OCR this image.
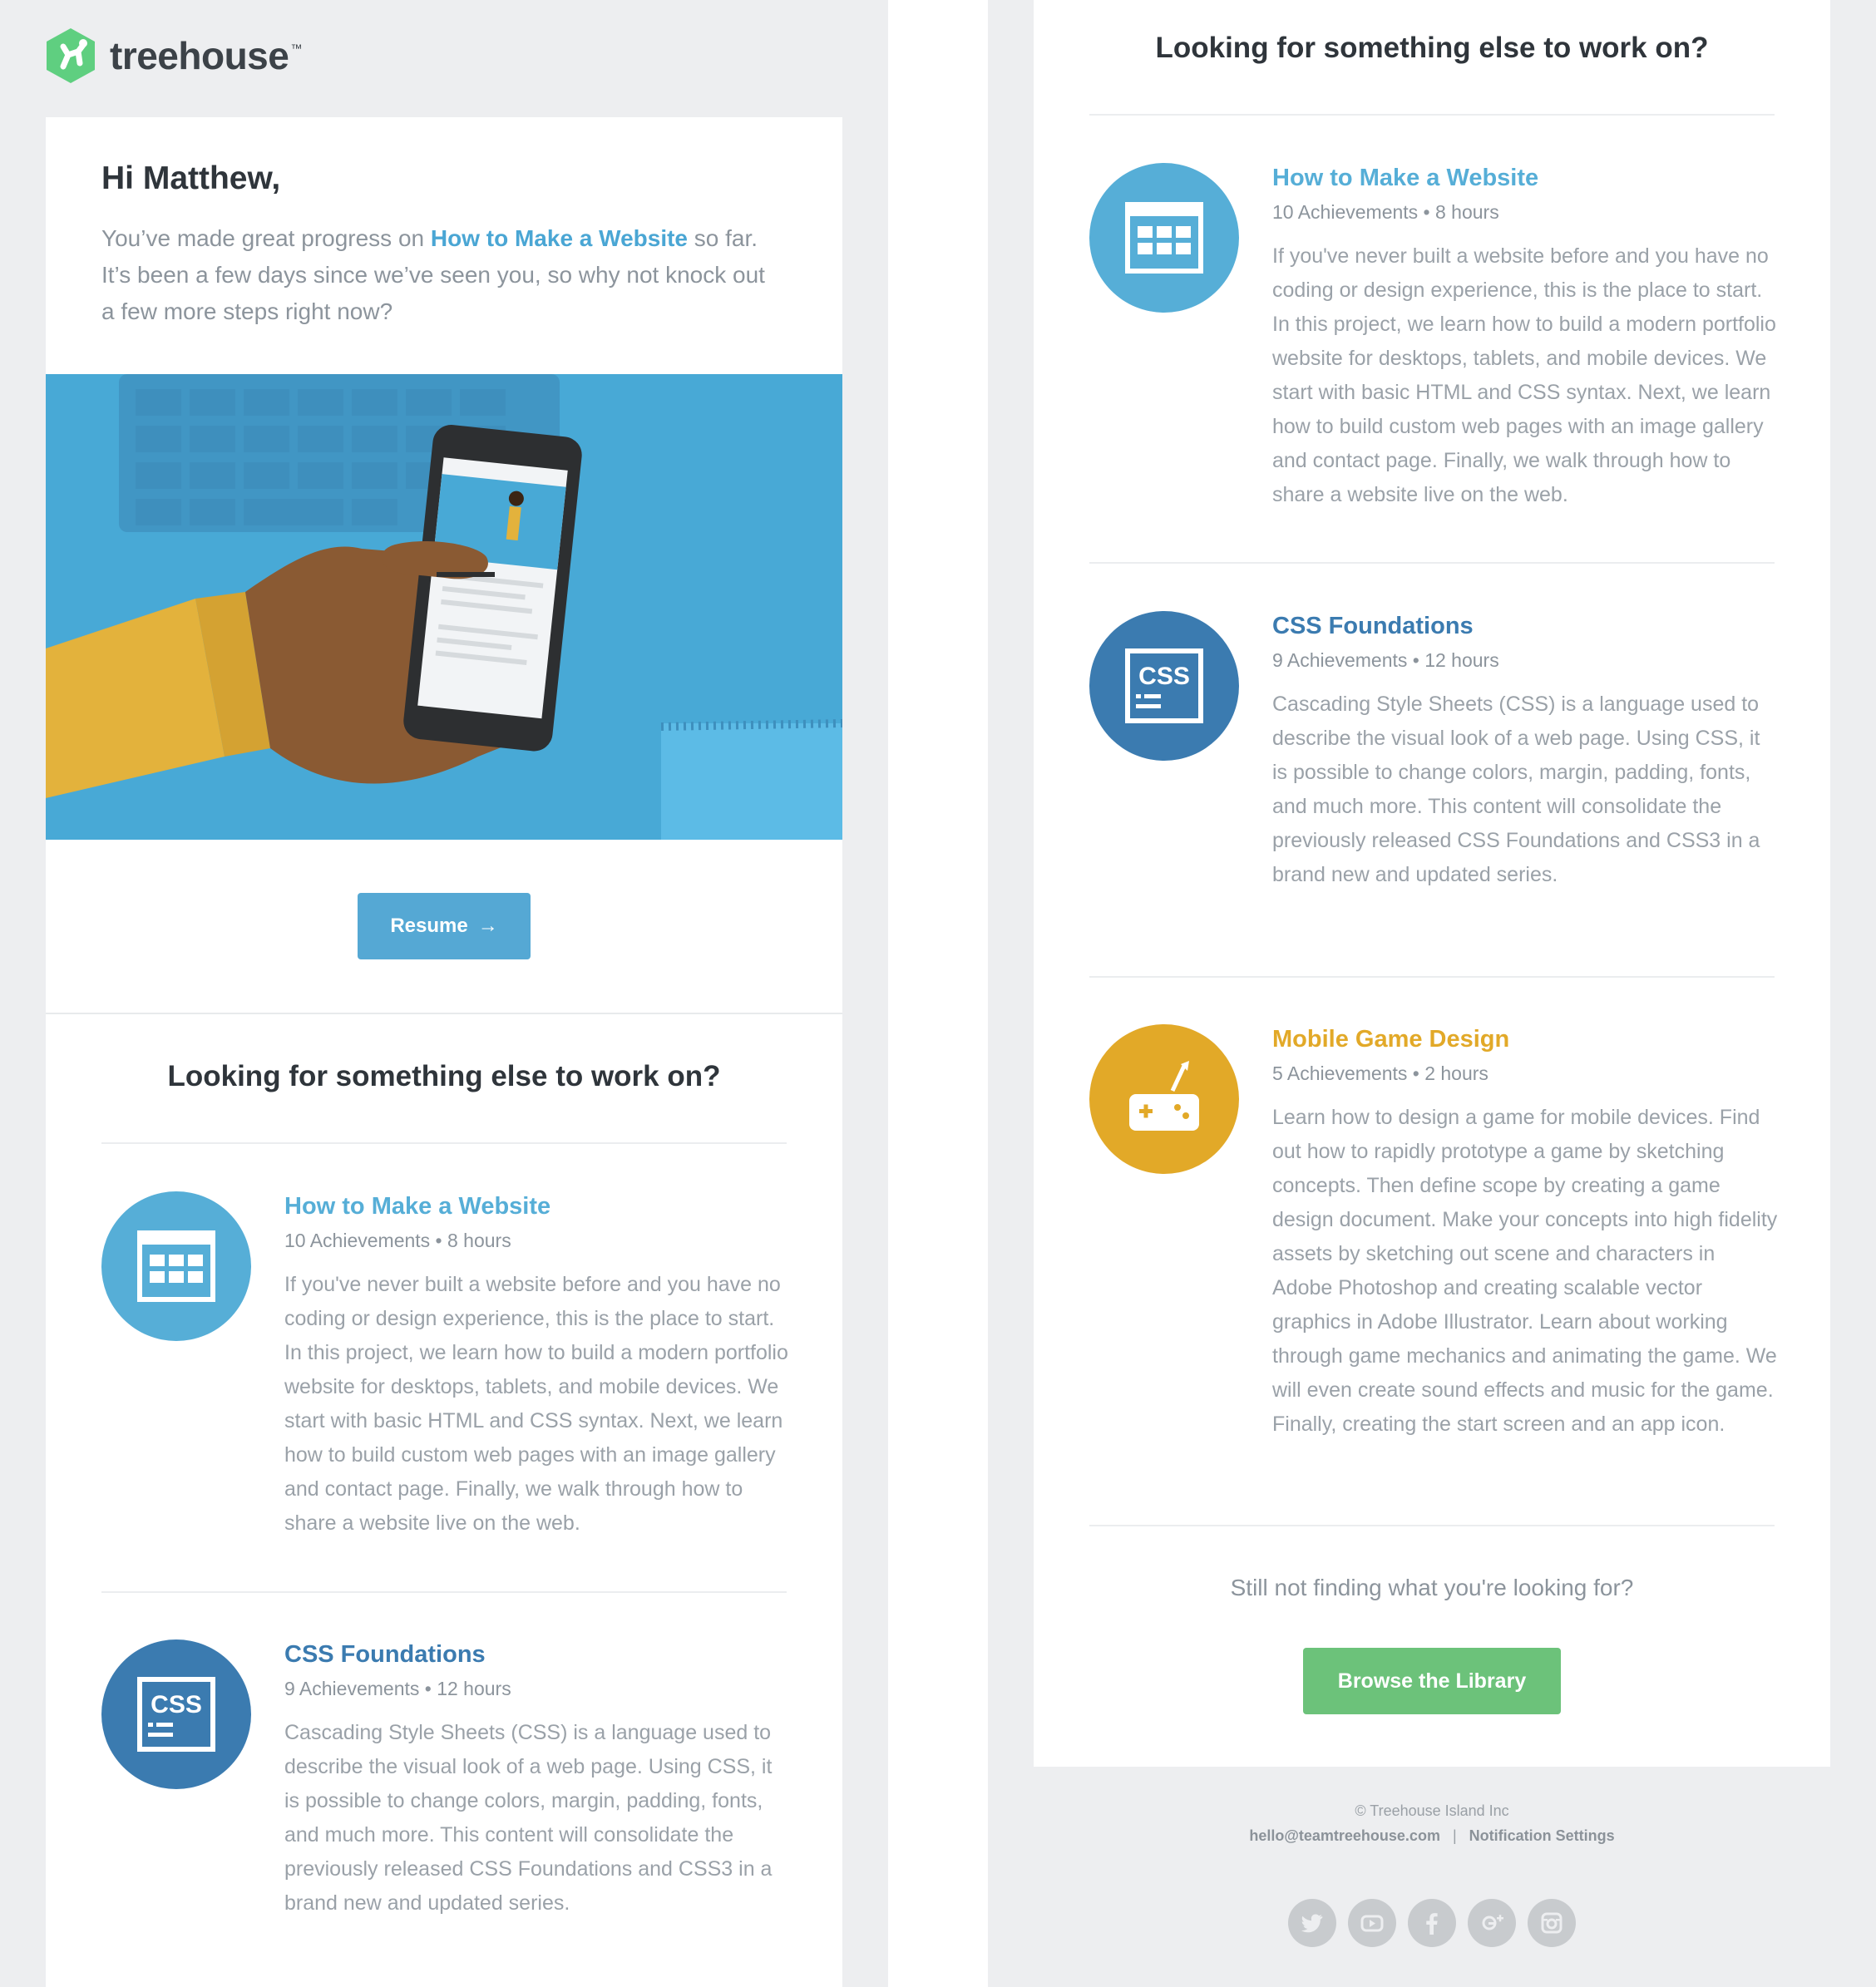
treehouse ™
Hi Matthew,

You’ve made great progress on How to Make a Website so far. It’s been a few days since we’ve seen you, so why not knock out a few more steps right now?

Resume →
Looking for something else to work on?
How to Make a Website
10 Achievements • 8 hours
If you've never built a website before and you have no coding or design experience, this is the place to start. In this project, we learn how to build a modern portfolio website for desktops, tablets, and mobile devices. We start with basic HTML and CSS syntax. Next, we learn how to build custom web pages with an image gallery and contact page. Finally, we walk through how to share a website live on the web.
CSS
CSS Foundations
9 Achievements • 12 hours
Cascading Style Sheets (CSS) is a language used to describe the visual look of a web page. Using CSS, it is possible to change colors, margin, padding, fonts, and much more. This content will consolidate the previously released CSS Foundations and CSS3 in a brand new and updated series.
Looking for something else to work on?
How to Make a Website
10 Achievements • 8 hours
If you've never built a website before and you have no coding or design experience, this is the place to start. In this project, we learn how to build a modern portfolio website for desktops, tablets, and mobile devices. We start with basic HTML and CSS syntax. Next, we learn how to build custom web pages with an image gallery and contact page. Finally, we walk through how to share a website live on the web.
CSS
CSS Foundations
9 Achievements • 12 hours
Cascading Style Sheets (CSS) is a language used to describe the visual look of a web page. Using CSS, it is possible to change colors, margin, padding, fonts, and much more. This content will consolidate the previously released CSS Foundations and CSS3 in a brand new and updated series.
Mobile Game Design
5 Achievements • 2 hours
Learn how to design a game for mobile devices. Find out how to rapidly prototype a game by sketching concepts. Then define scope by creating a game design document. Make your concepts into high fidelity assets by sketching out scene and characters in Adobe Photoshop and creating scalable vector graphics in Adobe Illustrator. Learn about working through game mechanics and animating the game. We will even create sound effects and music for the game. Finally, creating the start screen and an app icon.
Still not finding what you're looking for?
Browse the Library
© Treehouse Island Inc
hello@teamtreehouse.com | Notification Settings
